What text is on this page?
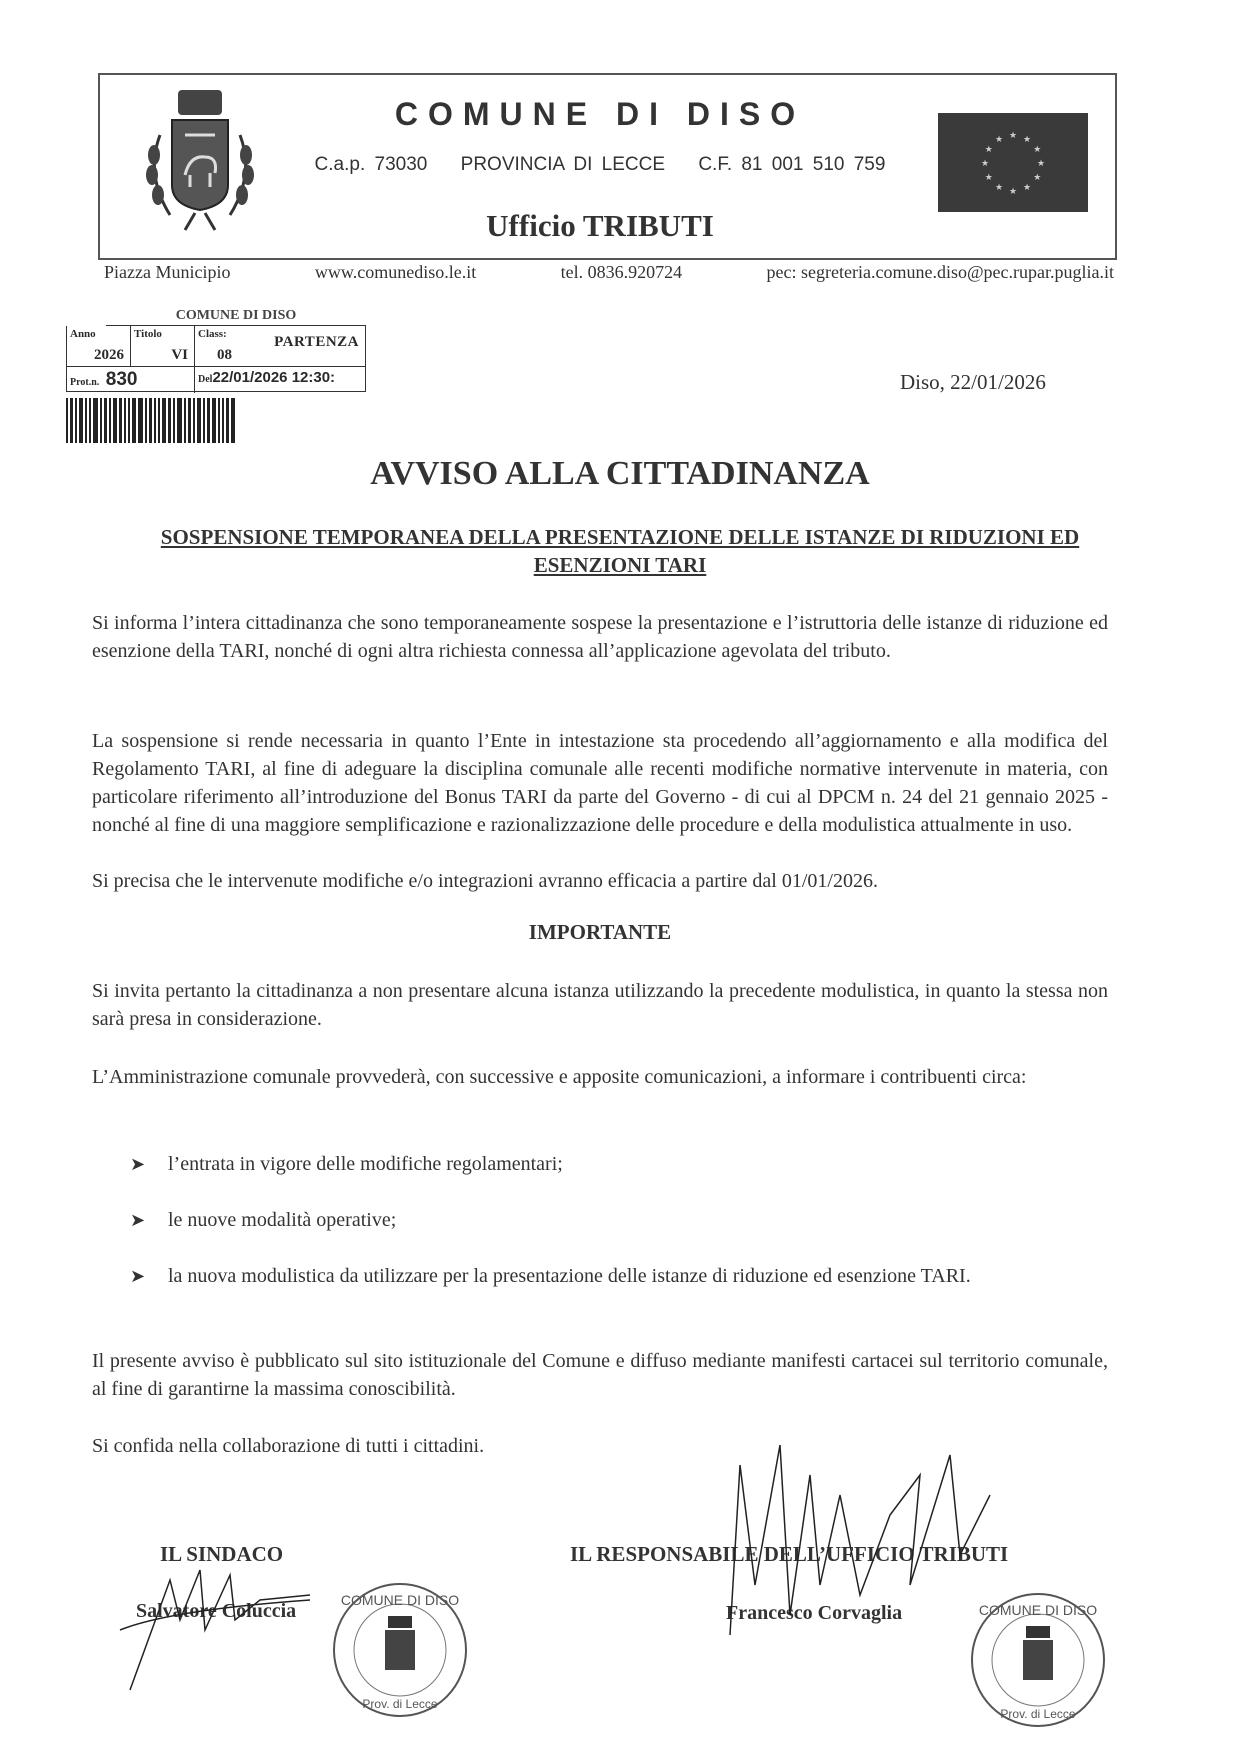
COMUNE DI DISO
C.a.p. 73030 PROVINCIA DI LECCE C.F. 81 001 510 759
Ufficio TRIBUTI
★
★
★
★
★
★
★
★
★ ★ ★
★
Piazza Municipio	www.comunediso.le.it	tel. 0836.920724	pec: segreteria.comune.diso@pec.rupar.puglia.it
COMUNE DI DISO
Anno
2026
Titolo
VI
Class:
08
PARTENZA
Prot.n. 830	Del22/01/2026 12:30:	Diso, 22/01/2026
AVVISO ALLA CITTADINANZA
SOSPENSIONE TEMPORANEA DELLA PRESENTAZIONE DELLE ISTANZE DI RIDUZIONI ED ESENZIONI TARI
Si informa l’intera cittadinanza che sono temporaneamente sospese la presentazione e l’istruttoria delle istanze di riduzione ed esenzione della TARI, nonché di ogni altra richiesta connessa all’applicazione agevolata del tributo.
La sospensione si rende necessaria in quanto l’Ente in intestazione sta procedendo all’aggiornamento e alla modifica del Regolamento TARI, al fine di adeguare la disciplina comunale alle recenti modifiche normative intervenute in materia, con particolare riferimento all’introduzione del Bonus TARI da parte del Governo - di cui al DPCM n. 24 del 21 gennaio 2025 - nonché al fine di una maggiore semplificazione e razionalizzazione delle procedure e della modulistica attualmente in uso.
Si precisa che le intervenute modifiche e/o integrazioni avranno efficacia a partire dal 01/01/2026.
IMPORTANTE
Si invita pertanto la cittadinanza a non presentare alcuna istanza utilizzando la precedente modulistica, in quanto la stessa non sarà presa in considerazione.
L’Amministrazione comunale provvederà, con successive e apposite comunicazioni, a informare i contribuenti circa:
➤ l’entrata in vigore delle modifiche regolamentari;
➤ le nuove modalità operative;
➤ la nuova modulistica da utilizzare per la presentazione delle istanze di riduzione ed esenzione TARI.
Il presente avviso è pubblicato sul sito istituzionale del Comune e diffuso mediante manifesti cartacei sul territorio comunale, al fine di garantirne la massima conoscibilità.
Si confida nella collaborazione di tutti i cittadini.
IL SINDACO
Salvatore Coluccia	COMUNE DI DISO
Prov. di Lecce
IL RESPONSABILE DELL’UFFICIO TRIBUTI
Francesco Corvaglia	COMUNE DI DISO
Prov. di Lecce
